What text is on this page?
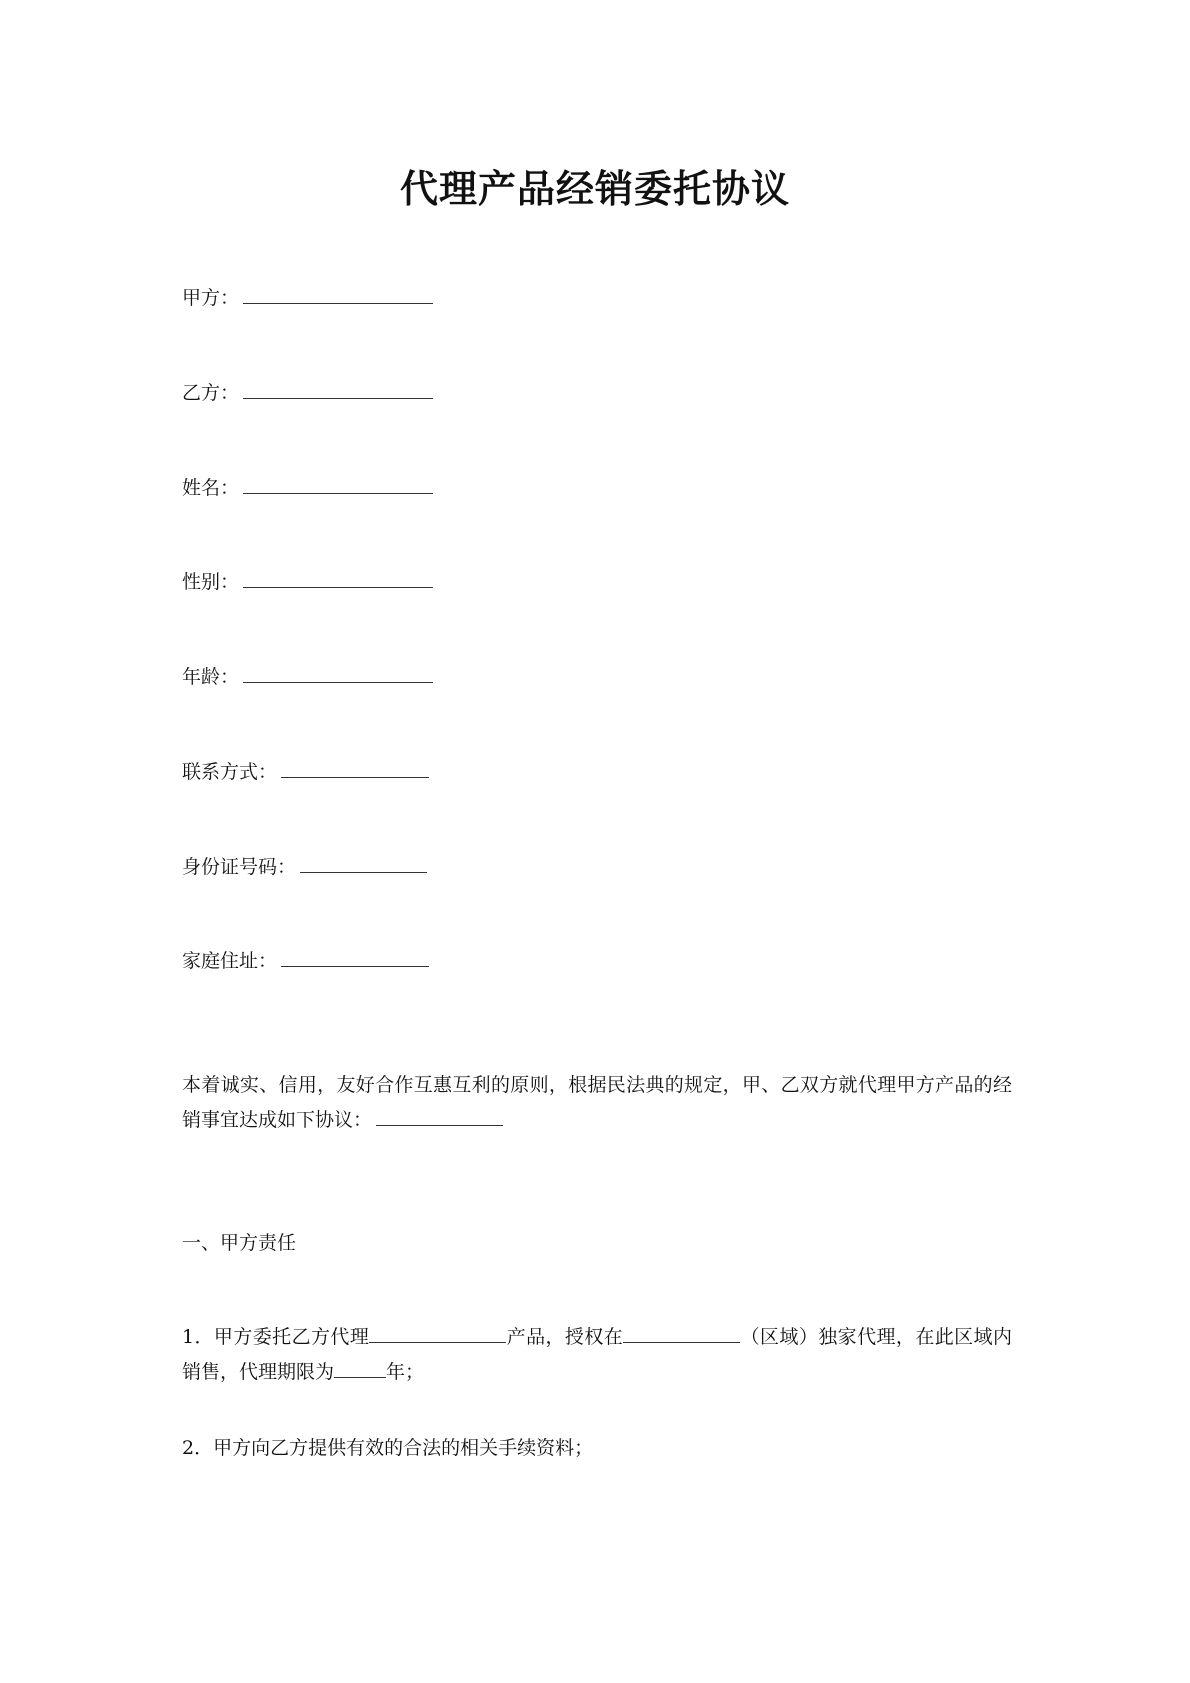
代理产品经销委托协议
甲方：
乙方：
姓名：
性别：
年龄：
联系方式：
身份证号码：
家庭住址：
本着诚实、信用，友好合作互惠互利的原则，根据民法典的规定，甲、乙双方就代理甲方产品的经销事宜达成如下协议：
一、甲方责任
1．甲方委托乙方代理	产品，授权在	（区域）独家代理，在此区域内销售，代理期限为	年；
2．甲方向乙方提供有效的合法的相关手续资料；
